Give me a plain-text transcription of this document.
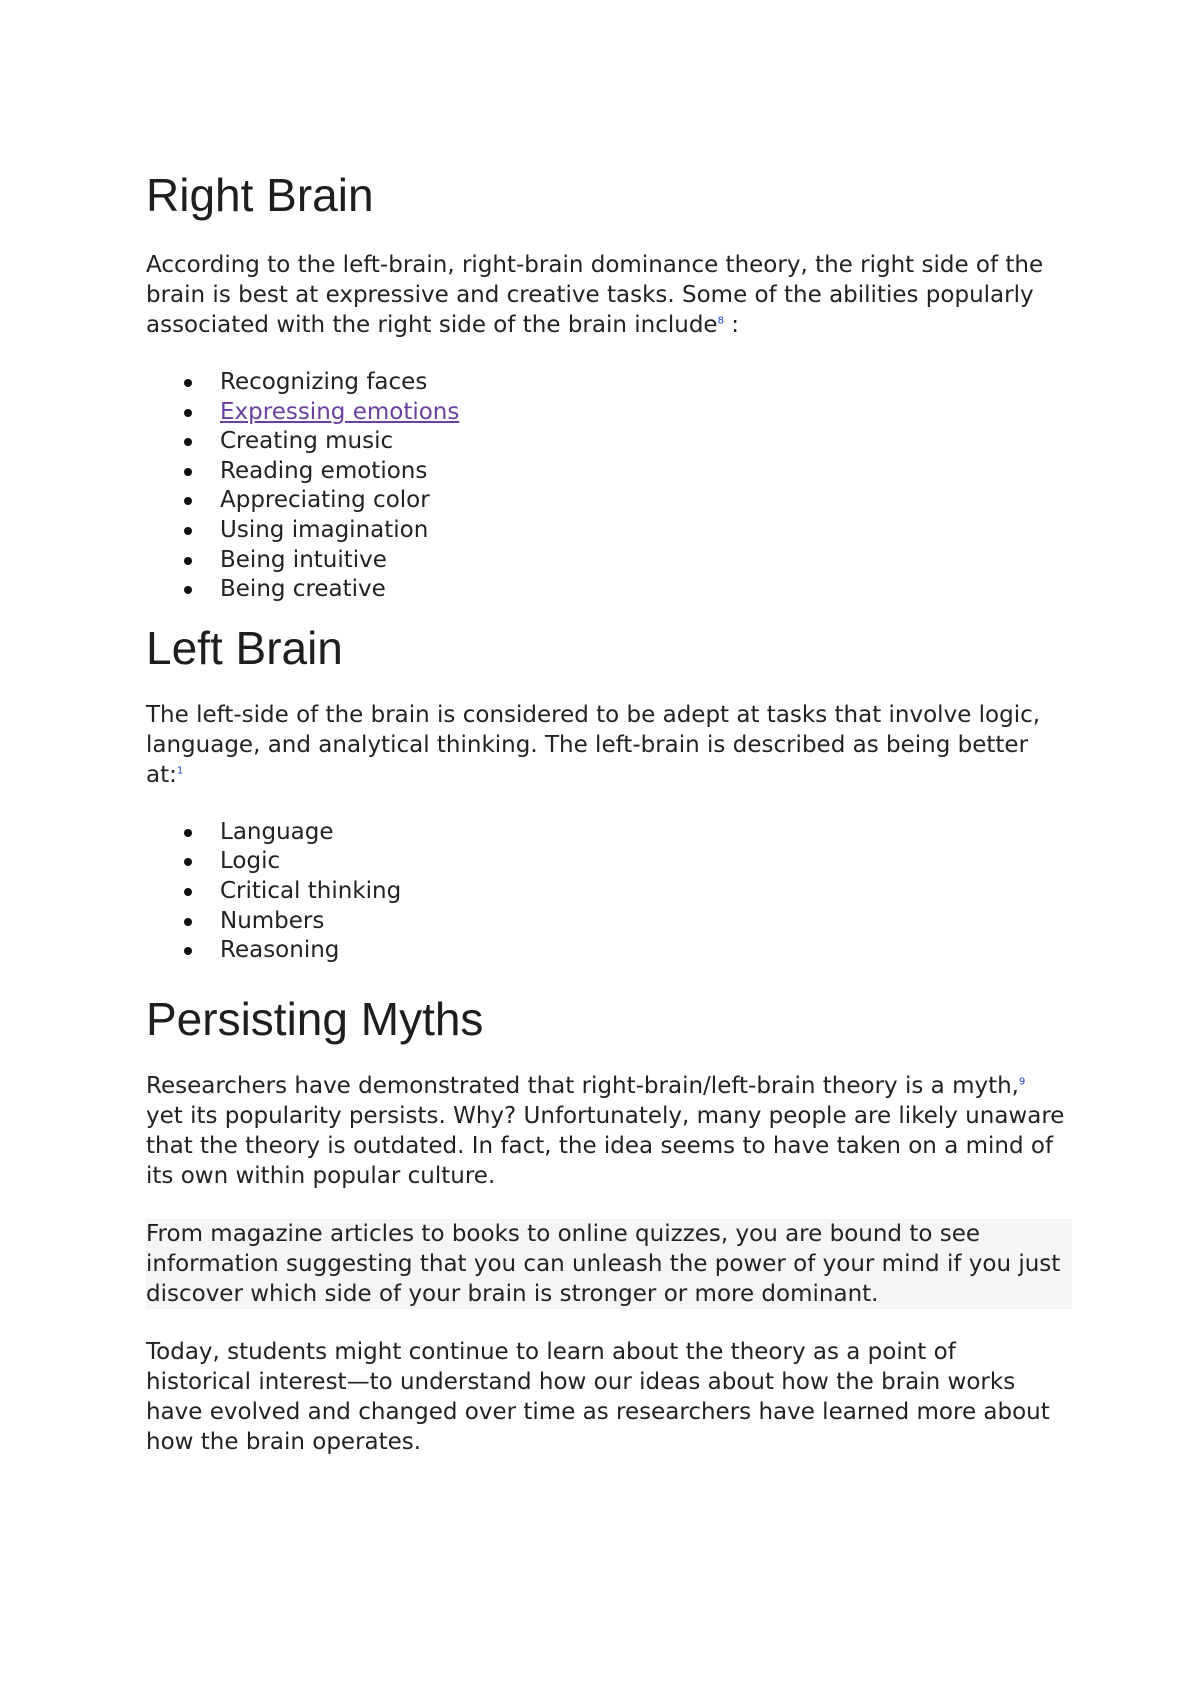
Right Brain

According to the left-brain, right-brain dominance theory, the right side of the brain is best at expressive and creative tasks. Some of the abilities popularly associated with the right side of the brain include$^8$ :

Recognizing faces
Expressing emotions
Creating music
Reading emotions
Appreciating color
Using imagination
Being intuitive
Being creative
Left Brain

The left-side of the brain is considered to be adept at tasks that involve logic, language, and analytical thinking. The left-brain is described as being better at:$^1$

Language
Logic
Critical thinking
Numbers
Reasoning
Persisting Myths

Researchers have demonstrated that right-brain/left-brain theory is a myth,$^9$ yet its popularity persists. Why? Unfortunately, many people are likely unaware that the theory is outdated. In fact, the idea seems to have taken on a mind of its own within popular culture.

From magazine articles to books to online quizzes, you are bound to see information suggesting that you can unleash the power of your mind if you just discover which side of your brain is stronger or more dominant.

Today, students might continue to learn about the theory as a point of historical interest—to understand how our ideas about how the brain works have evolved and changed over time as researchers have learned more about how the brain operates.
